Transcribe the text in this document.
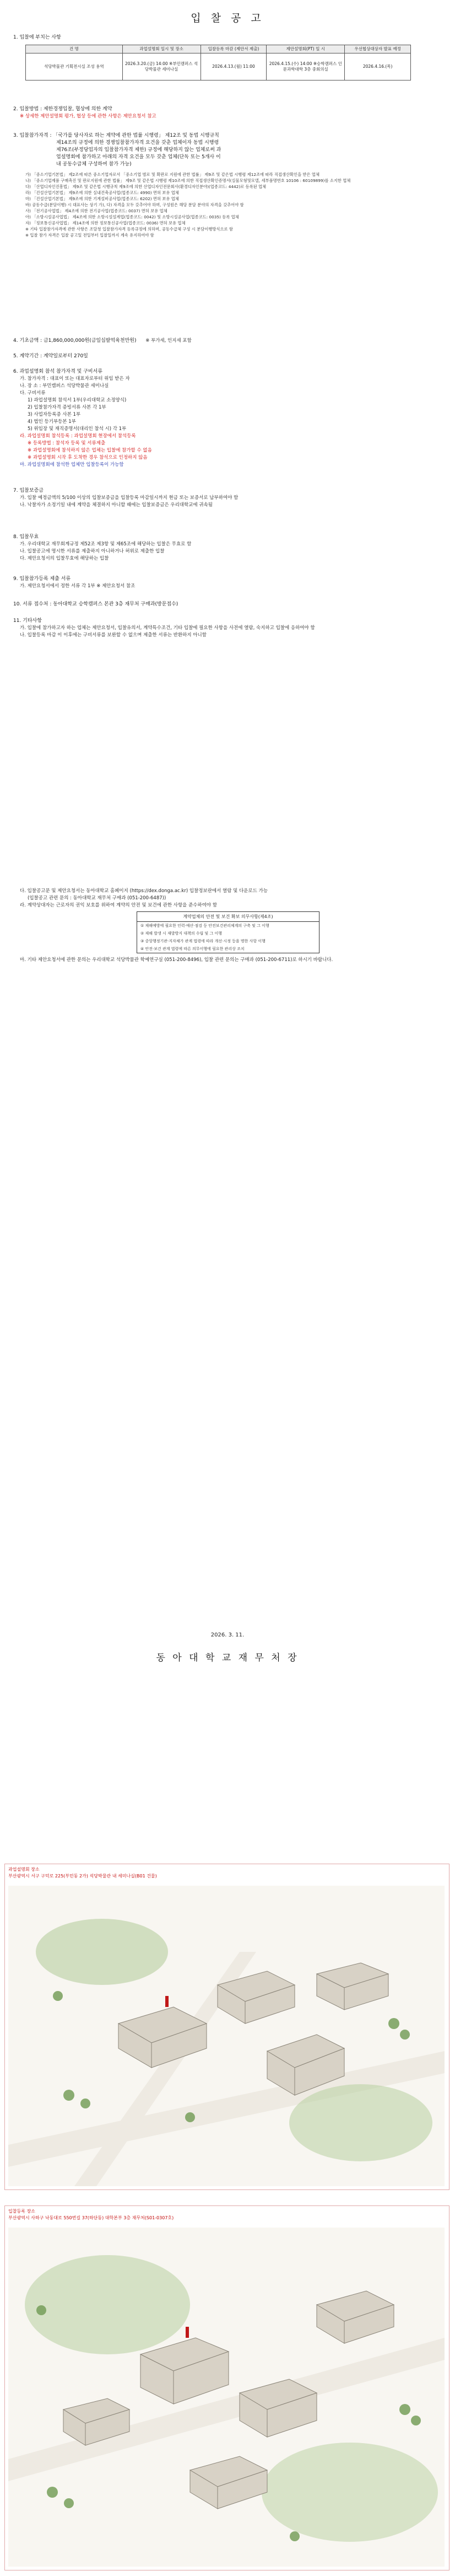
입 찰 공 고
1. 입찰에 부치는 사항
건 명	과업설명회 일시 및 장소	입찰등록 마감 (제안서 제출)	제안설명회(PT) 일 시	우선협상대상자 발표 예정
석당박물관 기획전시실 조성 용역	2026.3.20.(금) 14:00 ※부민캠퍼스 석당박물관 세미나실	2026.4.13.(월) 11:00	2026.4.15.(수) 14:00 ※승학캠퍼스 인문과학대학 3층 중회의실	2026.4.16.(목)
2. 입찰방법 : 제한경쟁입찰, 협상에 의한 계약
※ 상세한 제안설명회 평가, 협상 등에 관한 사항은 제안요청서 참고
3. 입찰참가자격 : 「국가를 당사자로 하는 계약에 관한 법률 시행령」 제12조 및 동법 시행규칙
제14조의 규정에 의한 경쟁입찰참가자격 요건을 갖춘 업체이자 동법 시행령
제76조(부정당업자의 입찰참가자격 제한) 규정에 해당하지 않는 업체로써 과
업설명회에 참가하고 아래의 자격 요건을 모두 갖춘 업체(단독 또는 5개사 이
내 공동수급체 구성하여 참가 가능)
가) 「중소기업기본법」 제2조에 따른 중소기업자로서 「중소기업 범로 및 확판로 지원에 관한 법률」 제9조 및 같은법 시행령 제12조에 따라 직접생산확인을 받은 업체
나) 「중소기업제품 구매촉진 및 판로지원에 관한 법률」 제9조 및 같은법 시행령 제10조에 의한 직접생산확인증명서(실물모형및모델, 세부품명번호 10106 : 60109899)를 소지한 업체
다) 「산업디자인진흥법」 제9조 및 같은법 시행규칙 제9조에 의한 산업디자인전문회사(환경디자인분야)(업종코드: 4442)로 등록된 업체
라) 「건설산업기본법」 제9조에 의한 실내건축공사업(업종코드: 4990) 면허 보유 업체
마) 「건설산업기본법」 제9조에 의한 기계설비공사업(업종코드: 6202) 면허 보유 업체
바) 공동수급(분담이행) 시 대표사는 상기 가), 다) 자격을 모두 갖추어야 하며, 구성원은 해당 분담 분야의 자격을 갖추어야 함
사) 「전기공사업법」 제4조에 의한 전기공사업(업종코드: 0037) 면허 보유 업체
아) 「소방시설공사업법」 제4조에 의한 소방시설설계업(업종코드: 0042) 및 소방시설공사업(업종코드: 0035) 등록 업체
자) 「정보통신공사업법」 제14조에 의한 정보통신공사업(업종코드: 0036) 면허 보유 업체
※ 기타 입찰참가자격에 관한 사항은 조달청 입찰참가자격 등록규정에 의하며, 공동수급체 구성 시 분담이행방식으로 함
※ 입찰 참가 자격은 입찰 공고일 전일부터 입찰일까지 계속 유지하여야 함
4. 기초금액 : 금1,860,000,000원(금일십팔억육천만원) ※ 부가세, 인지세 포함
5. 계약기간 : 계약일로부터 270일
6. 과업설명회 참석 참가자격 및 구비서류
가. 참가자격 : 대표이 또는 대표자로부터 위임 받은 자
나. 장 소 : 부민캠퍼스 석당박물관 세미나실
다. 구비서류
1) 과업설명회 참석서 1부(우리대학교 소정양식)
2) 입찰참가자격 증빙서류 사본 각 1부
3) 사업자등록증 사본 1부
4) 법인 등기부등본 1부
5) 위임장 및 재직증명서(대리인 참석 시) 각 1부
라. 과업설명회 참석등록 : 과업설명회 현장에서 참석등록
※ 등록방법 : 참석자 등록 및 서류제출
※ 과업설명회에 참석하지 않은 업체는 입찰에 참가할 수 없음
※ 과업설명회 시작 후 도착한 경우 참석으로 인정하지 않음
마. 과업설명회에 참석한 업체만 입찰등록이 가능함
7. 입찰보증금
가. 입찰 예정금액의 5/100 이상의 입찰보증금을 입찰등록 마감일시까지 현금 또는 보증서로 납부하여야 함
나. 낙찰자가 소정기일 내에 계약을 체결하지 아니할 때에는 입찰보증금은 우리대학교에 귀속됨
8. 입찰무효
가. 우리대학교 재무회계규정 제52조 제3항 및 제65조에 해당하는 입찰은 무효로 함
나. 입찰공고에 명시한 서류를 제출하지 아니하거나 허위로 제출한 입찰
다. 제안요청서의 입찰무효에 해당하는 입찰
9. 입찰참가등록 제출 서류
가. 제안요청서에서 정한 서류 각 1부 ※ 제안요청서 참조
10. 서류 접수처 : 동아대학교 승학캠퍼스 본관 3층 재무처 구매과(방문접수)
11. 기타사항
가. 입찰에 참가하고자 하는 업체는 제안요청서, 입찰유의서, 계약특수조건, 기타 입찰에 필요한 사항을 사전에 열람, 숙지하고 입찰에 응하여야 함
나. 입찰등록 마감 이 이후에는 구비서류를 보완할 수 없으며 제출한 서류는 반환하지 아니함
다. 입찰공고문 및 제안요청서는 동아대학교 홈페이지 (https://dex.donga.ac.kr) 입찰정보란에서 열람 및 다운로드 가능
(입찰공고 관련 문의 : 동아대학교 재무처 구매과 (051-200-6487))
라. 계약상대자는 근로자의 권익 보호를 위하여 계약의 안전 및 보건에 관한 사항을 준수하여야 함
계약업체의 안전 및 보건 확보 의무사항(제4조)
① 재해예방에 필요한 인력·예산·점검 등 안전보건관리체계의 구축 및 그 이행
② 재해 발생 시 재발방지 대책의 수립 및 그 이행
③ 중앙행정기관·지자체가 관계 법령에 따라 개선·시정 등을 명한 사항 이행
④ 안전·보건 관계 법령에 따른 의무이행에 필요한 관리상 조치
마. 기타 제안요청서에 관한 문의는 우리대학교 석당박물관 학예연구실 (051-200-8496), 입찰 관련 문의는 구매과 (051-200-6711)로 하시기 바랍니다.
2026. 3. 11.
동 아 대 학 교 재 무 처 장
과업설명회 장소
부산광역시 서구 구덕로 225(부민동 2가) 석당박물관 내 세미나실(B01 건물)
입찰등록 장소
부산광역시 사하구 낙동대로 550번길 37(하단동) 대학본부 3층 재무처(S01-0307호)
